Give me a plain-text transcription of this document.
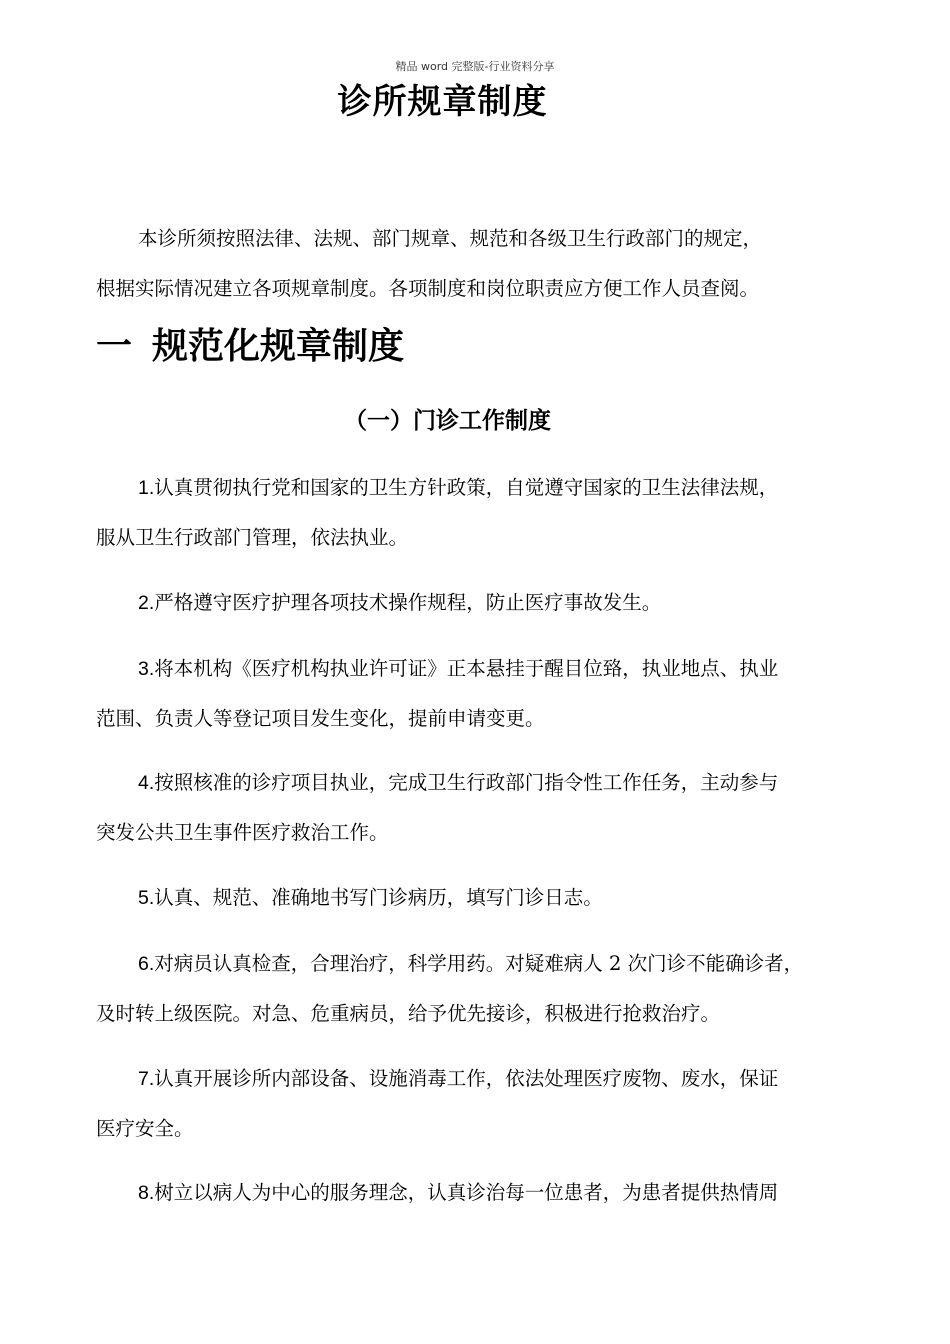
精品 word 完整版-行业资料分享
诊所规章制度
本诊所须按照法律、法规、部门规章、规范和各级卫生行政部门的规定，
根据实际情况建立各项规章制度。各项制度和岗位职责应方便工作人员查阅。
一 规范化规章制度
（一）门诊工作制度
1.认真贯彻执行党和国家的卫生方针政策，自觉遵守国家的卫生法律法规，
服从卫生行政部门管理，依法执业。
2.严格遵守医疗护理各项技术操作规程，防止医疗事故发生。
3.将本机构《医疗机构执业许可证》正本悬挂于醒目位臵，执业地点、执业
范围、负责人等登记项目发生变化，提前申请变更。
4.按照核准的诊疗项目执业，完成卫生行政部门指令性工作任务，主动参与
突发公共卫生事件医疗救治工作。
5.认真、规范、准确地书写门诊病历，填写门诊日志。
6.对病员认真检查，合理治疗，科学用药。对疑难病人 2 次门诊不能确诊者，
及时转上级医院。对急、危重病员，给予优先接诊，积极进行抢救治疗。
7.认真开展诊所内部设备、设施消毒工作，依法处理医疗废物、废水，保证
医疗安全。
8.树立以病人为中心的服务理念，认真诊治每一位患者，为患者提供热情周
